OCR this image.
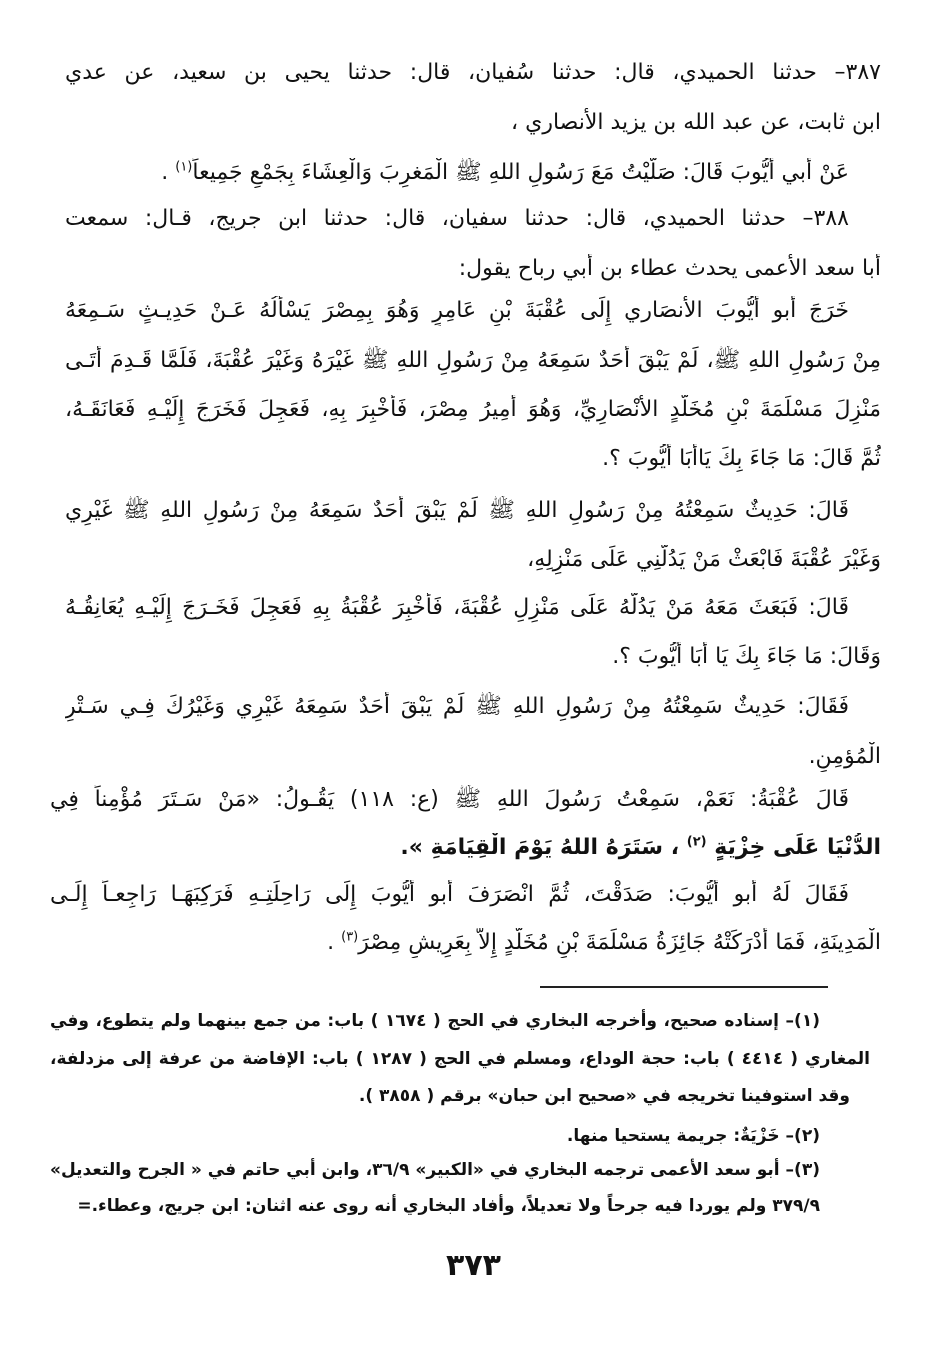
٣٨٧– حدثنا الحميدي، قال: حدثنا سُفيان، قال: حدثنا يحيى بن سعيد، عن عدي
ابن ثابت، عن عبد الله بن يزيد الأنصاري ،
عَنْ أَبي أَيُّوبَ قَالَ: صَلَّيْتُ مَعَ رَسُولِ اللهِ ﷺ الْمَغرِبَ وَالْعِشَاءَ بِجَمْعٍ جَمِيعاً$^{(١)}$ .
٣٨٨– حدثنا الحميدي، قال: حدثنا سفيان، قال: حدثنا ابن جريج، قـال: سمعت
أبا سعد الأعمى يحدث عطاء بن أبي رباح يقول:
خَرَجَ أَبو أَيُّوبَ الأَنصَاري إِلَى عُقْبَةَ بْنِ عَامِرٍ وَهُوَ بِمِصْرَ يَسْأَلُهُ عَـنْ حَدِيـثٍ سَـمِعَهُ
مِنْ رَسُولِ اللهِ ﷺ، لَمْ يَبْقَ أَحَدٌ سَمِعَهُ مِنْ رَسُولِ اللهِ ﷺ غَيْرَهُ وَغَيْرَ عُقْبَةَ، فَلَمَّا قَـدِمَ أَتَـى
مَنْزِلَ مَسْلَمَةَ بْنِ مُخَلَّدٍ الأَنْصَارِيِّ، وَهُوَ أَمِيرُ مِصْرَ، فَأُخْبِرَ بِهِ، فَعَجِلَ فَخَرَجَ إِلَيْـهِ فَعَانَقَـهُ،
ثُمَّ قَالَ: مَا جَاءَ بِكَ يَاأَبَا أَيُّوبَ ؟.
قَالَ: حَدِيثٌ سَمِعْتُهُ مِنْ رَسُولِ اللهِ ﷺ لَمْ يَبْقَ أَحَدٌ سَمِعَهُ مِنْ رَسُولِ اللهِ ﷺ غَيْرِي
وَغَيْرَ عُقْبَةَ فَابْعَثْ مَنْ يَدُلُّنِي عَلَى مَنْزِلِهِ،
قَالَ: فَبَعَثَ مَعَهُ مَنْ يَدُلُّهُ عَلَى مَنْزِلِ عُقْبَةَ، فَأُخْبِرَ عُقْبَةُ بِهِ فَعَجِلَ فَخَـرَجَ إِلَيْـهِ يُعَانِقُـهُ
وَقَالَ: مَا جَاءَ بِكَ يَا أَبَا أَيُّوبَ ؟.
فَقَالَ: حَدِيثٌ سَمِعْتُهُ مِنْ رَسُولِ اللهِ ﷺ لَمْ يَبْقَ أَحَدٌ سَمِعَهُ غَيْرِي وَغَيْرُكَ فِـي سَـتْرِ
الْمُؤمِنِ.
قَالَ عُقْبَةُ: نَعَمْ، سَمِعْتُ رَسُولَ اللهِ ﷺ (ع: ١١٨) يَقُـولُ: «مَنْ سَـتَرَ مُؤْمِناً فِي
الدُّنْيَا عَلَى خِزْيَةٍ $^{(٢)}$ ، سَتَرَهُ اللهُ يَوْمَ الْقِيَامَةِ ».
فَقَالَ لَهُ أَبو أَيُّوبَ: صَدَقْتَ، ثُمَّ انْصَرَفَ أَبو أَيُّوبَ إِلَى رَاحِلَتِـهِ فَرَكِبَهَـا رَاجِعـاً إِلَـى
الْمَدِينَةِ، فَمَا أَدْرَكَتْهُ جَائِزَةُ مَسْلَمَةَ بْنِ مُخَلَّدٍ إِلاَّ بِعَرِيشِ مِصْرَ$^{(٣)}$ .
(١)– إسناده صحيح، وأخرجه البخاري في الحج ( ١٦٧٤ ) باب: من جمع بينهما ولم يتطوع، وفي
المغاري ( ٤٤١٤ ) باب: حجة الوداع، ومسلم في الحج ( ١٢٨٧ ) باب: الإفاضة من عرفة إلى مزدلفة،
وقد استوفينا تخريجه في «صحيح ابن حبان» برقم ( ٣٨٥٨ ).
(٢)– خَزْيَةٌ: جريمة يستحيا منها.
(٣)– أبو سعد الأعمى ترجمه البخاري في «الكبير» ٣٦/٩، وابن أبي حاتم في « الجرح والتعديل»
٣٧٩/٩ ولم يوردا فيه جرحاً ولا تعديلاً، وأفاد البخاري أنه روى عنه اثنان: ابن جريج، وعطاء.=
٣٧٣
